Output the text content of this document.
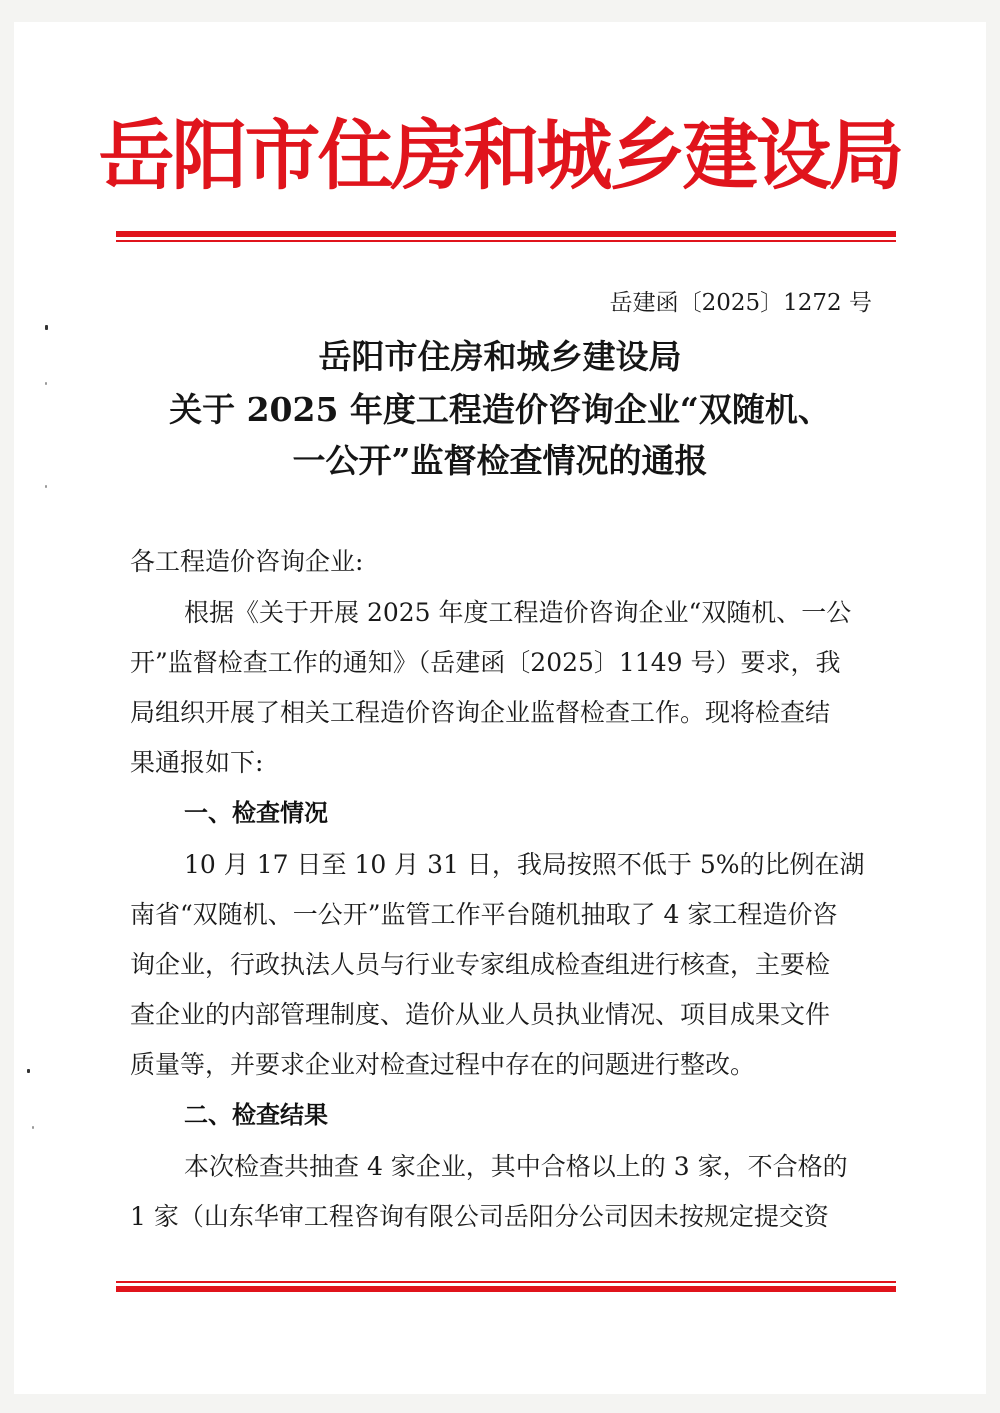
岳阳市住房和城乡建设局
岳建函〔2025〕1272 号
岳阳市住房和城乡建设局
关于 2025 年度工程造价咨询企业“双随机、
一公开”监督检查情况的通报
各工程造价咨询企业:
根据《关于开展 2025 年度工程造价咨询企业“双随机、一公
开”监督检查工作的通知》（岳建函〔2025〕1149 号）要求，我
局组织开展了相关工程造价咨询企业监督检查工作。现将检查结
果通报如下:
一、检查情况
10 月 17 日至 10 月 31 日，我局按照不低于 5%的比例在湖
南省“双随机、一公开”监管工作平台随机抽取了 4 家工程造价咨
询企业，行政执法人员与行业专家组成检查组进行核查，主要检
查企业的内部管理制度、造价从业人员执业情况、项目成果文件
质量等，并要求企业对检查过程中存在的问题进行整改。
二、检查结果
本次检查共抽查 4 家企业，其中合格以上的 3 家，不合格的
1 家（山东华审工程咨询有限公司岳阳分公司因未按规定提交资
